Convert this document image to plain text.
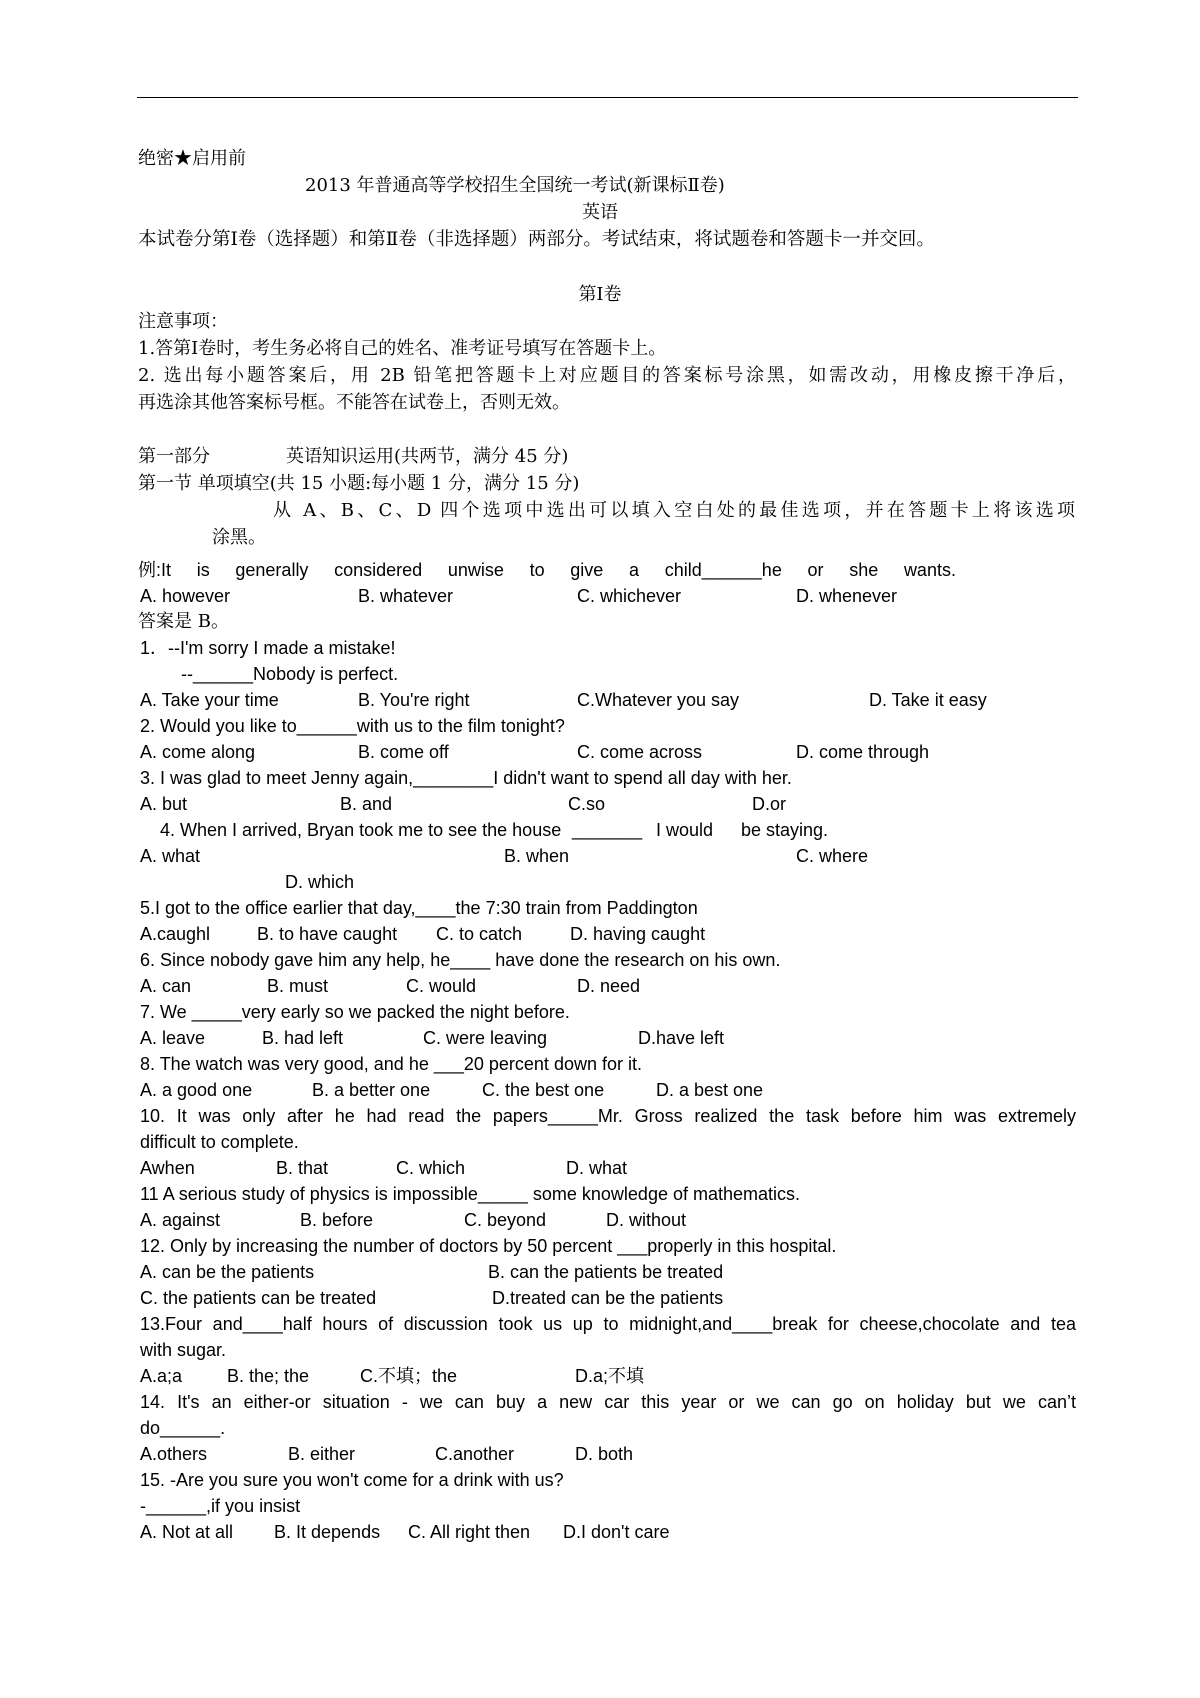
绝密★启用前
2013 年普通高等学校招生全国统一考试(新课标Ⅱ卷)
英语
本试卷分第Ⅰ卷（选择题）和第Ⅱ卷（非选择题）两部分。考试结束，将试题卷和答题卡一并交回。
第Ⅰ卷
注意事项：
1.答第Ⅰ卷时，考生务必将自己的姓名、准考证号填写在答题卡上。
2. 选出每小题答案后，用 2B 铅笔把答题卡上对应题目的答案标号涂黑，如需改动，用橡皮擦干净后，
再选涂其他答案标号框。不能答在试卷上，否则无效。
第一部分	英语知识运用(共两节，满分 45 分)
第一节 单项填空(共 15 小题:每小题 1 分，满分 15 分)
从 A、B、C、D 四个选项中选出可以填入空白处的最佳选项，并在答题卡上将该选项
涂黑。
例:It is generally considered unwise to give a child______he or she wants.
A. however	B. whatever	C. whichever	D. whenever
答案是 B。
1．--I'm sorry I made a mistake!
--______Nobody is perfect.
A. Take your time	B. You're right	C.Whatever you say	D. Take it easy
2. Would you like to______with us to the film tonight?
A. come along	B. come off	C. come across	D. come through
3. I was glad to meet Jenny again,________I didn't want to spend all day with her.
A. but	B. and	C.so	D.or
4. When I arrived, Bryan took me to see the house _______ I would be staying.
A. what	B. when	C. where
D. which
5.I got to the office earlier that day,____the 7:30 train from Paddington
A.caughl	B. to have caught C. to catch	D. having caught
6. Since nobody gave him any help, he____ have done the research on his own.
A. can	B. must	C. would	D. need
7. We _____very early so we packed the night before.
A. leave	B. had left	C. were leaving	D.have left
8. The watch was very good, and he ___20 percent down for it.
A. a good one	B. a better one	C. the best one	D. a best one
10. It was only after he had read the papers_____Mr. Gross realized the task before him was extremely
difficult to complete.
Awhen	B. that	C. which	D. what
11 A serious study of physics is impossible_____ some knowledge of mathematics.
A. against	B. before	C. beyond	D. without
12. Only by increasing the number of doctors by 50 percent ___properly in this hospital.
A. can be the patients	B. can the patients be treated
C. the patients can be treated	D.treated can be the patients
13.Four and____half hours of discussion took us up to midnight,and____break for cheese,chocolate and tea
with sugar.
A.a;a B. the; the	C.不填；the	D.a;不填
14. It's an either-or situation - we can buy a new car this year or we can go on holiday but we can’t
do______.
A.others	B. either	C.another	D. both
15. -Are you sure you won't come for a drink with us?
-______,if you insist
A. Not at all B. It depends C. All right then D.I don't care
